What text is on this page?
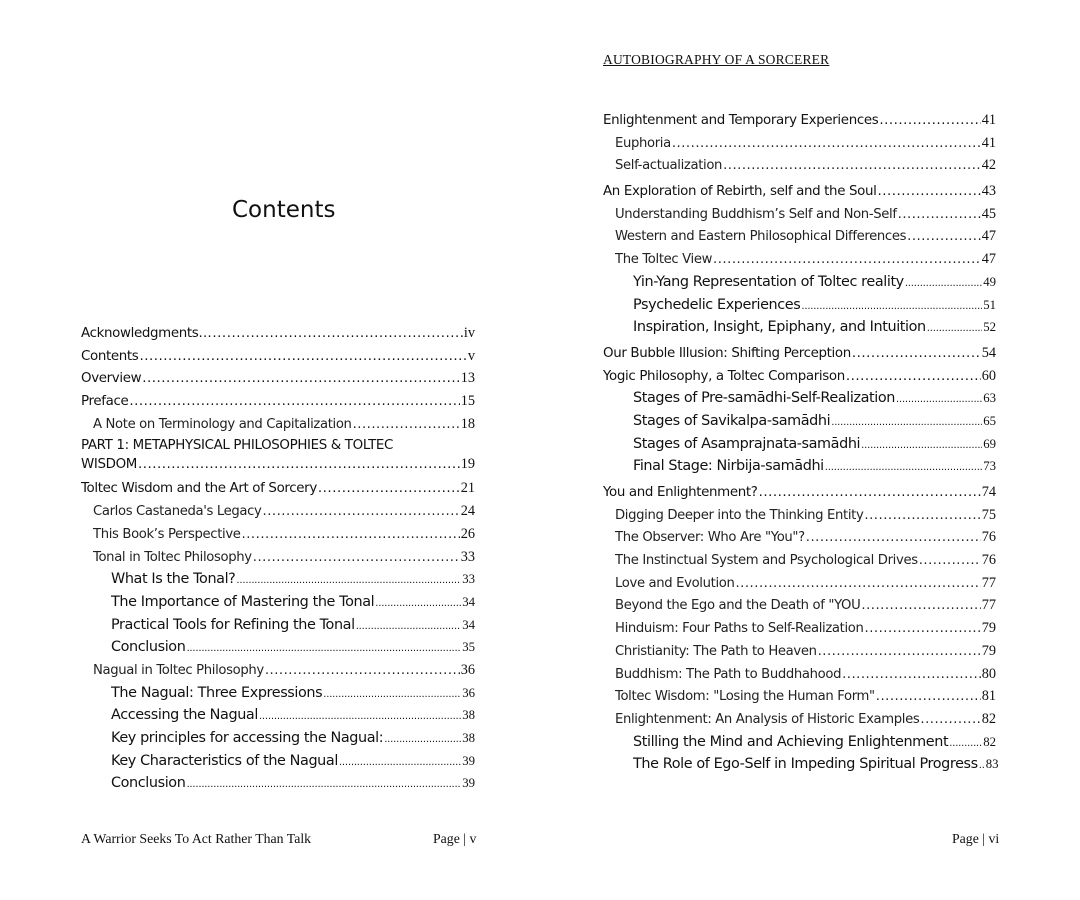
Contents
Acknowledgments… .....	iv
Contents .....	v
Overview .....	13
Preface .....	15
A Note on Terminology and Capitalization .....	18
PART 1: METAPHYSICAL PHILOSOPHIES & TOLTEC
WISDOM .....	19
Toltec Wisdom and the Art of Sorcery .....	21
Carlos Castaneda's Legacy .....	24
This Book’s Perspective .....	26
Tonal in Toltec Philosophy .....	33
What Is the Tonal? .....	33
The Importance of Mastering the Tonal .....	34
Practical Tools for Refining the Tonal .....	34
Conclusion .....	35
Nagual in Toltec Philosophy .....	36
The Nagual: Three Expressions .....	36
Accessing the Nagual .....	38
Key principles for accessing the Nagual: .....	38
Key Characteristics of the Nagual .....	39
Conclusion .....	39
A Warrior Seeks To Act Rather Than Talk	Page | v
AUTOBIOGRAPHY OF A SORCERER
Enlightenment and Temporary Experiences .....	41
Euphoria .....	41
Self-actualization .....	42
An Exploration of Rebirth, self and the Soul .....	43
Understanding Buddhism’s Self and Non-Self .....	45
Western and Eastern Philosophical Differences .....	47
The Toltec View .....	47
Yin-Yang Representation of Toltec reality .....	49
Psychedelic Experiences .....	51
Inspiration, Insight, Epiphany, and Intuition .....	52
Our Bubble Illusion: Shifting Perception .....	54
Yogic Philosophy, a Toltec Comparison .....	60
Stages of Pre-samādhi-Self-Realization .....	63
Stages of Savikalpa-samādhi .....	65
Stages of Asamprajnata-samādhi .....	69
Final Stage: Nirbija-samādhi .....	73
You and Enlightenment? .....	74
Digging Deeper into the Thinking Entity .....	75
The Observer: Who Are "You"? .....	76
The Instinctual System and Psychological Drives .....	76
Love and Evolution .....	77
Beyond the Ego and the Death of "YOU .....	77
Hinduism: Four Paths to Self-Realization .....	79
Christianity: The Path to Heaven .....	79
Buddhism: The Path to Buddhahood .....	80
Toltec Wisdom: "Losing the Human Form" .....	81
Enlightenment: An Analysis of Historic Examples .....	82
Stilling the Mind and Achieving Enlightenment .....	82
The Role of Ego-Self in Impeding Spiritual Progress ..... 83
Page | vi
